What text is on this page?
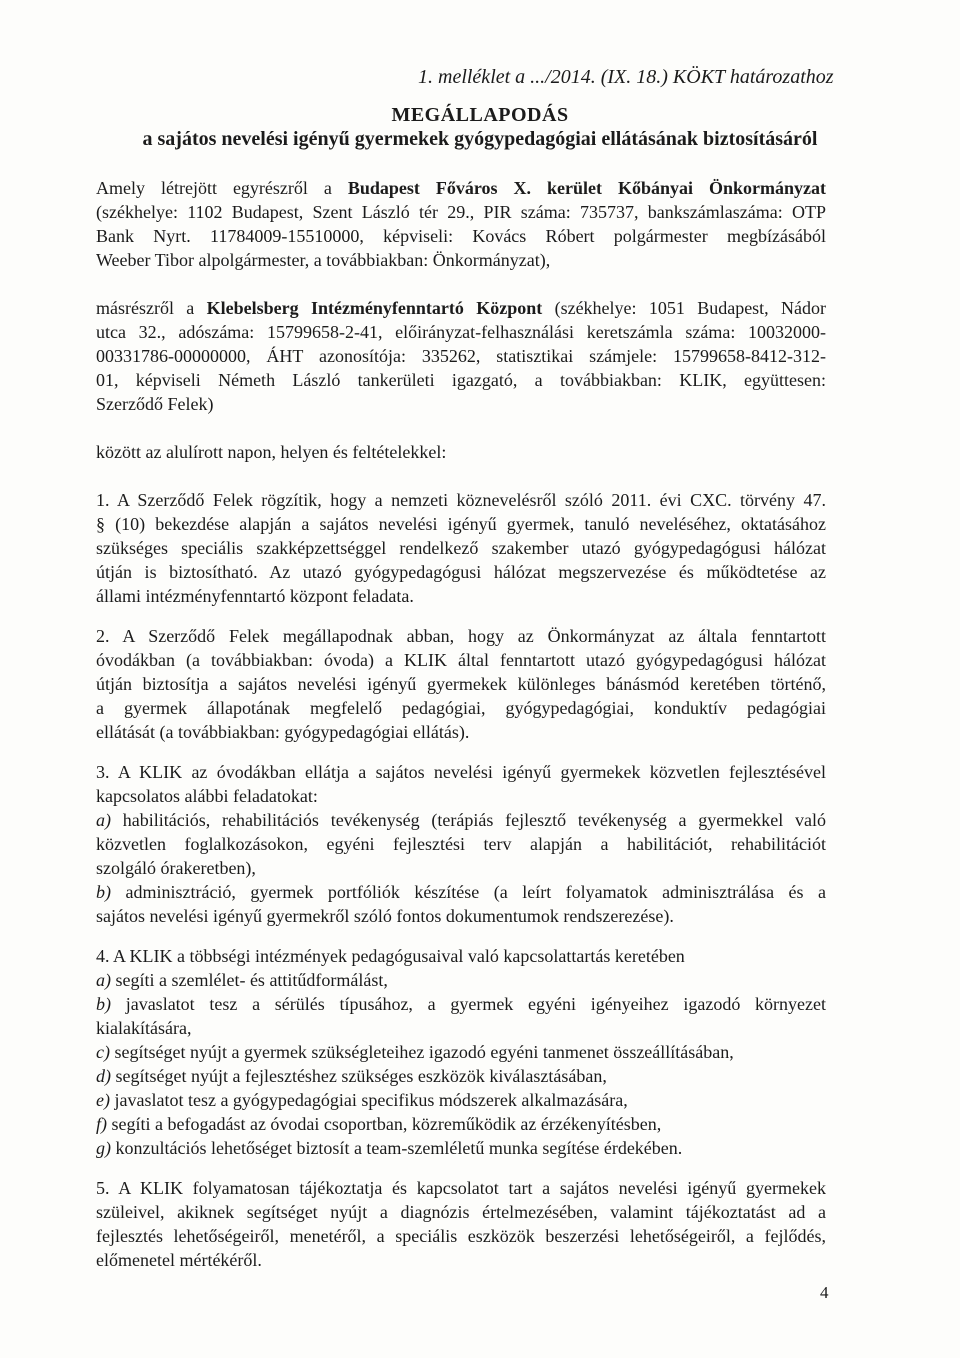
1. melléklet a .../2014. (IX. 18.) KÖKT határozathoz
MEGÁLLAPODÁS
a sajátos nevelési igényű gyermekek gyógypedagógiai ellátásának biztosításáról
Amely létrejött egyrészről a Budapest Főváros X. kerület Kőbányai Önkormányzat
(székhelye: 1102 Budapest, Szent László tér 29., PIR száma: 735737, bankszámlaszáma: OTP
Bank Nyrt. 11784009-15510000, képviseli: Kovács Róbert polgármester megbízásából
Weeber Tibor alpolgármester, a továbbiakban: Önkormányzat),
másrészről a Klebelsberg Intézményfenntartó Központ (székhelye: 1051 Budapest, Nádor
utca 32., adószáma: 15799658-2-41, előirányzat-felhasználási keretszámla száma: 10032000-
00331786-00000000, ÁHT azonosítója: 335262, statisztikai számjele: 15799658-8412-312-
01, képviseli Németh László tankerületi igazgató, a továbbiakban: KLIK, együttesen:
Szerződő Felek)
között az alulírott napon, helyen és feltételekkel:
1. A Szerződő Felek rögzítik, hogy a nemzeti köznevelésről szóló 2011. évi CXC. törvény 47.
§ (10) bekezdése alapján a sajátos nevelési igényű gyermek, tanuló neveléséhez, oktatásához
szükséges speciális szakképzettséggel rendelkező szakember utazó gyógypedagógusi hálózat
útján is biztosítható. Az utazó gyógypedagógusi hálózat megszervezése és működtetése az
állami intézményfenntartó központ feladata.
2. A Szerződő Felek megállapodnak abban, hogy az Önkormányzat az általa fenntartott
óvodákban (a továbbiakban: óvoda) a KLIK által fenntartott utazó gyógypedagógusi hálózat
útján biztosítja a sajátos nevelési igényű gyermekek különleges bánásmód keretében történő,
a gyermek állapotának megfelelő pedagógiai, gyógypedagógiai, konduktív pedagógiai
ellátását (a továbbiakban: gyógypedagógiai ellátás).
3. A KLIK az óvodákban ellátja a sajátos nevelési igényű gyermekek közvetlen fejlesztésével
kapcsolatos alábbi feladatokat:
a) habilitációs, rehabilitációs tevékenység (terápiás fejlesztő tevékenység a gyermekkel való
közvetlen foglalkozásokon, egyéni fejlesztési terv alapján a habilitációt, rehabilitációt
szolgáló órakeretben),
b) adminisztráció, gyermek portfóliók készítése (a leírt folyamatok adminisztrálása és a
sajátos nevelési igényű gyermekről szóló fontos dokumentumok rendszerezése).
4. A KLIK a többségi intézmények pedagógusaival való kapcsolattartás keretében
a) segíti a szemlélet- és attitűdformálást,
b) javaslatot tesz a sérülés típusához, a gyermek egyéni igényeihez igazodó környezet
kialakítására,
c) segítséget nyújt a gyermek szükségleteihez igazodó egyéni tanmenet összeállításában,
d) segítséget nyújt a fejlesztéshez szükséges eszközök kiválasztásában,
e) javaslatot tesz a gyógypedagógiai specifikus módszerek alkalmazására,
f) segíti a befogadást az óvodai csoportban, közreműködik az érzékenyítésben,
g) konzultációs lehetőséget biztosít a team-szemléletű munka segítése érdekében.
5. A KLIK folyamatosan tájékoztatja és kapcsolatot tart a sajátos nevelési igényű gyermekek
szüleivel, akiknek segítséget nyújt a diagnózis értelmezésében, valamint tájékoztatást ad a
fejlesztés lehetőségeiről, menetéről, a speciális eszközök beszerzési lehetőségeiről, a fejlődés,
előmenetel mértékéről.
4
